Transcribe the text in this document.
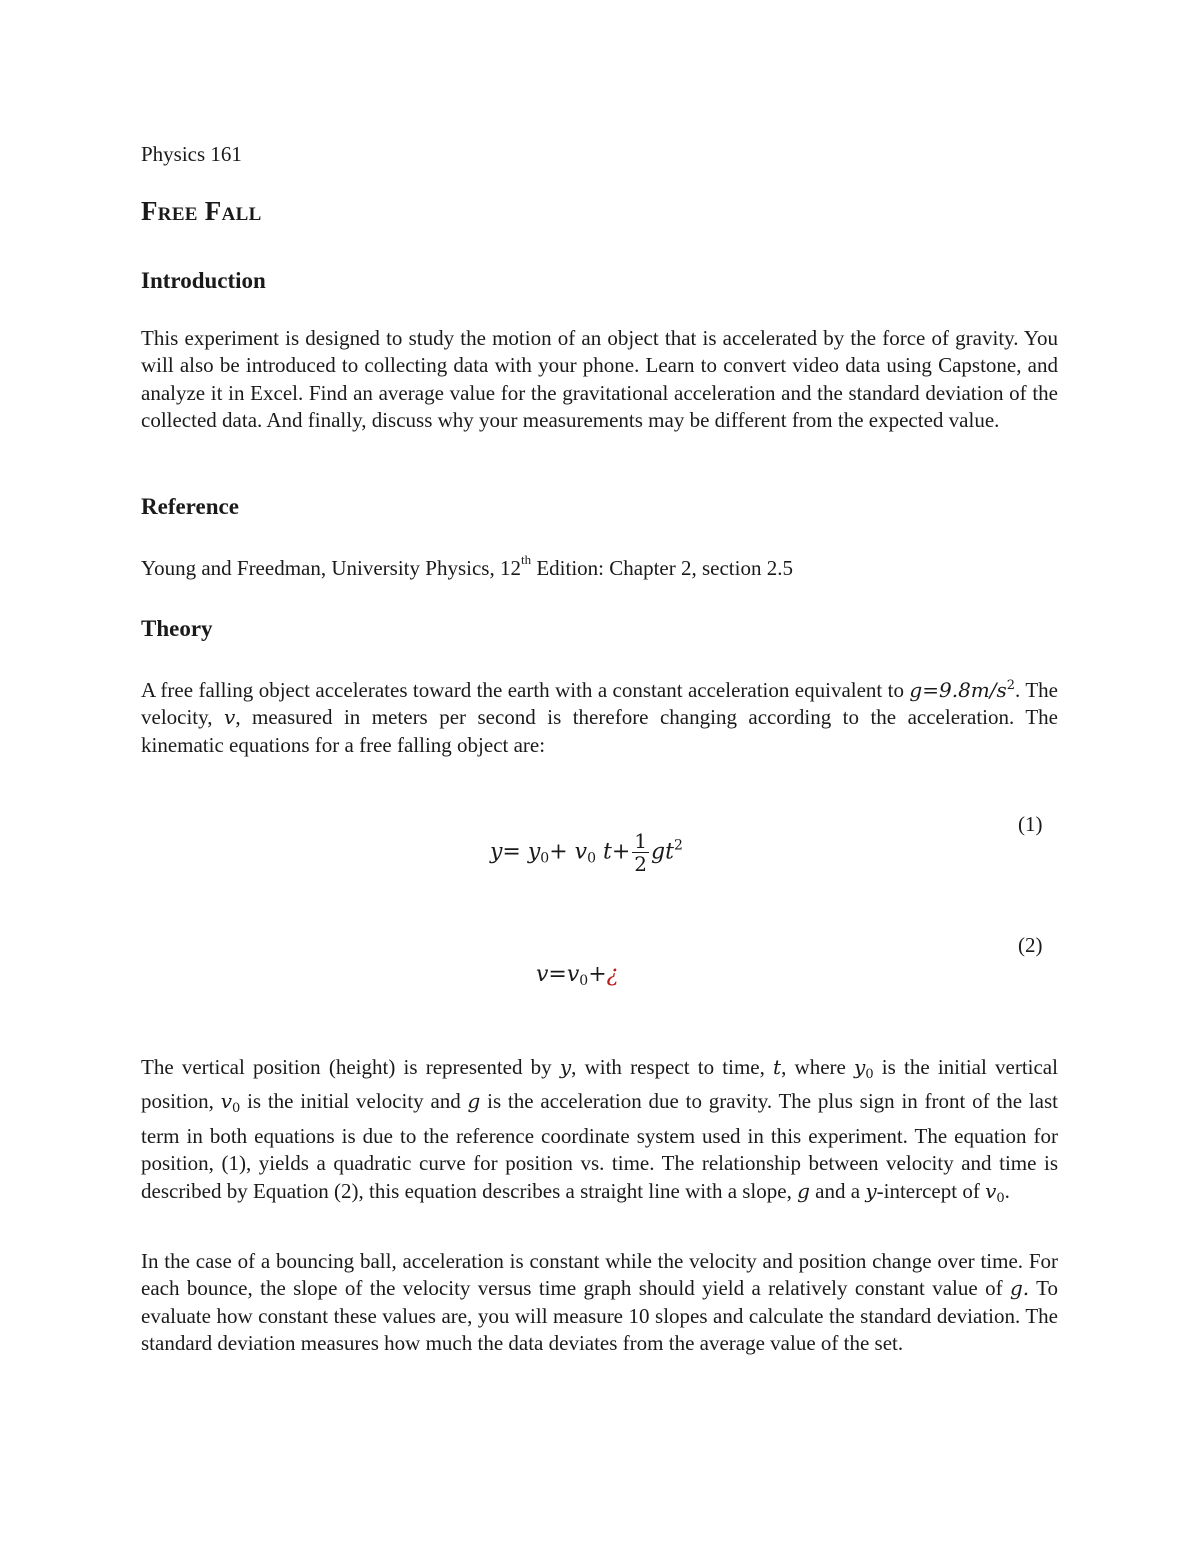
Physics 161
Free Fall
Introduction

This experiment is designed to study the motion of an object that is accelerated by the force of gravity. You will also be introduced to collecting data with your phone. Learn to convert video data using Capstone, and analyze it in Excel. Find an average value for the gravitational acceleration and the standard deviation of the collected data. And finally, discuss why your measurements may be different from the expected value.

Reference

Young and Freedman, University Physics, 12th Edition: Chapter 2, section 2.5

Theory

A free falling object accelerates toward the earth with a constant acceleration equivalent to $g=9.8m/s^2$. The velocity, v, measured in meters per second is therefore changing according to the acceleration. The kinematic equations for a free falling object are:

(1)
$y= y_0+ v_0$ $t+ \frac{1}{2} gt^2$
(2)
$v=v_0+¿$

The vertical position (height) is represented by y, with respect to time, t, where $y_0$ is the initial vertical position, $v_0$ is the initial velocity and g is the acceleration due to gravity. The plus sign in front of the last term in both equations is due to the reference coordinate system used in this experiment. The equation for position, (1), yields a quadratic curve for position vs. time. The relationship between velocity and time is described by Equation (2), this equation describes a straight line with a slope, g and a y-intercept of $v_0$.

In the case of a bouncing ball, acceleration is constant while the velocity and position change over time. For each bounce, the slope of the velocity versus time graph should yield a relatively constant value of g. To evaluate how constant these values are, you will measure 10 slopes and calculate the standard deviation. The standard deviation measures how much the data deviates from the average value of the set.
